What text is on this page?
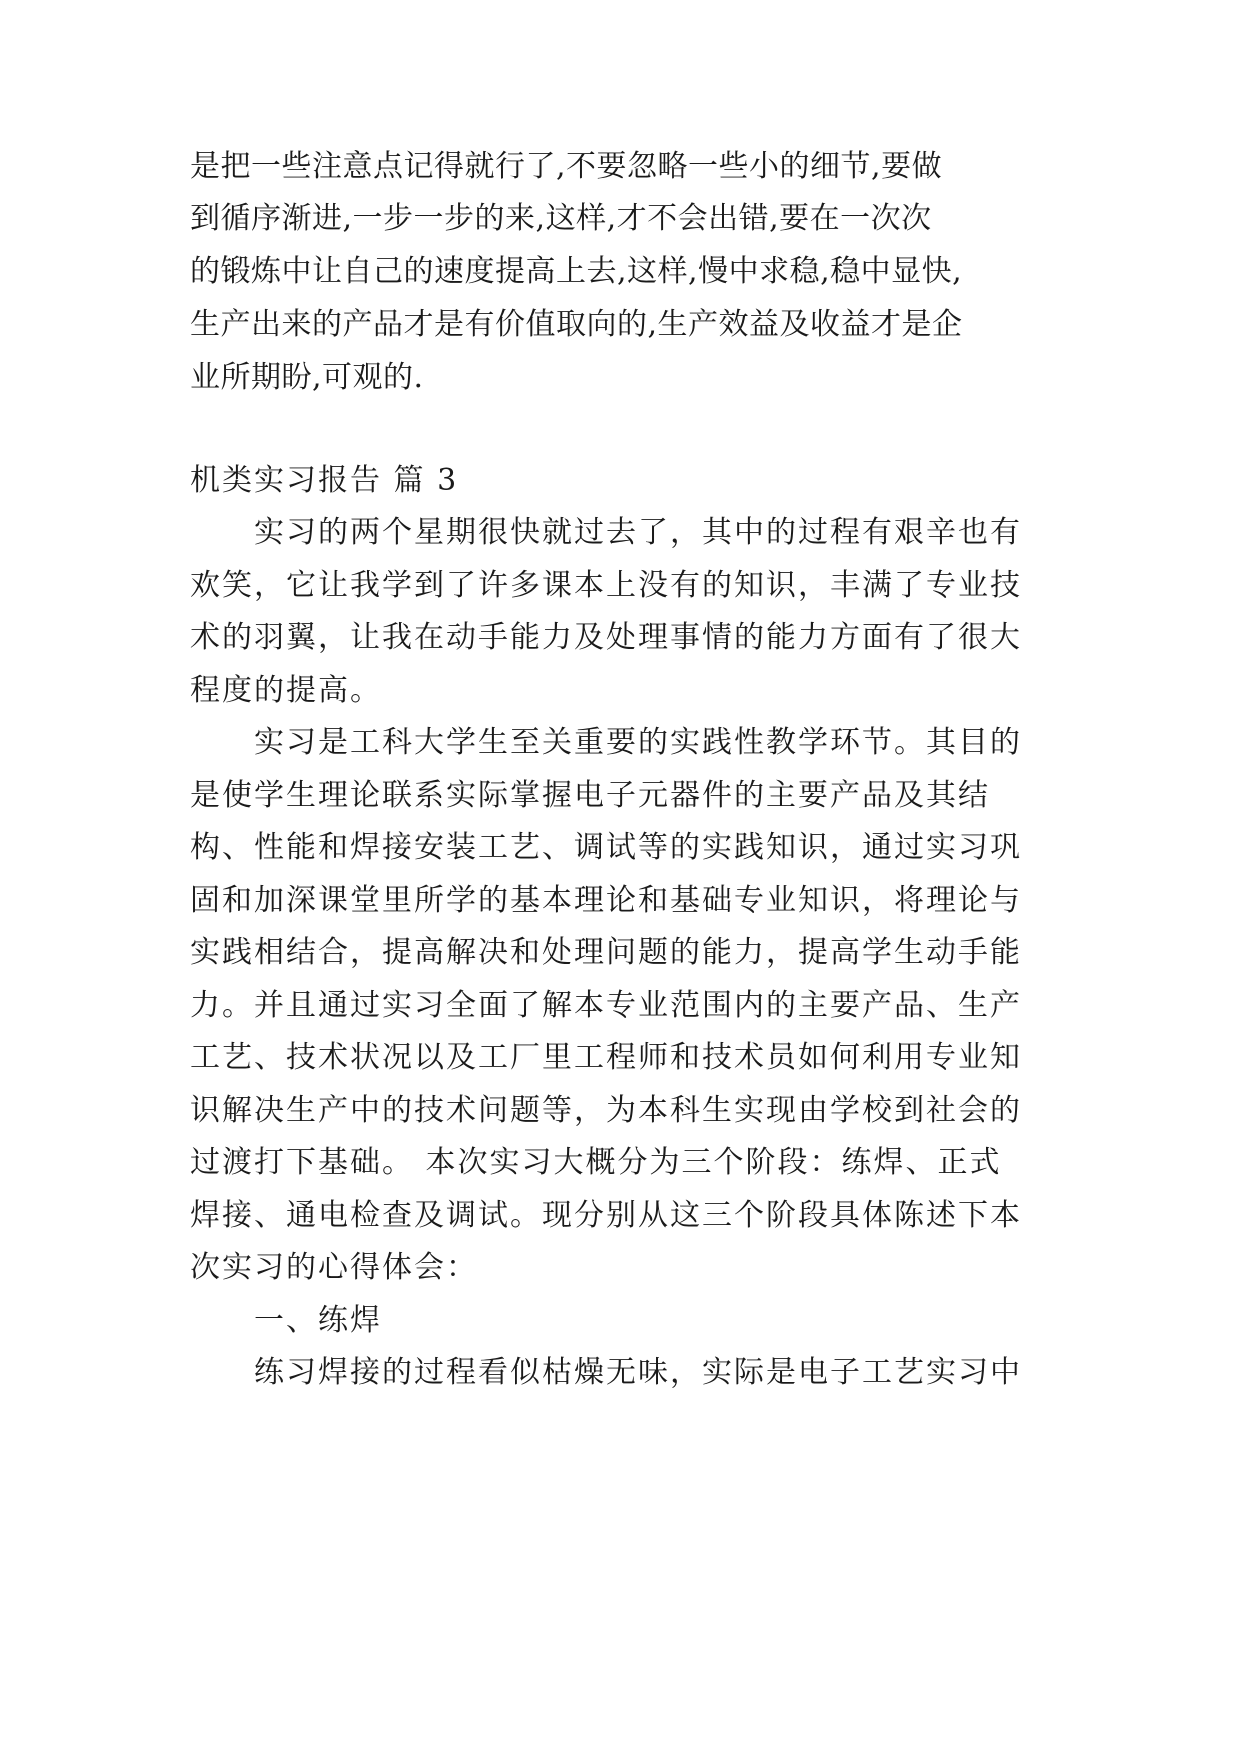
是把一些注意点记得就行了,不要忽略一些小的细节,要做
到循序渐进,一步一步的来,这样,才不会出错,要在一次次
的锻炼中让自己的速度提高上去,这样,慢中求稳,稳中显快,
生产出来的产品才是有价值取向的,生产效益及收益才是企
业所期盼,可观的.
机类实习报告 篇 3
实习的两个星期很快就过去了，其中的过程有艰辛也有
欢笑，它让我学到了许多课本上没有的知识，丰满了专业技
术的羽翼，让我在动手能力及处理事情的能力方面有了很大
程度的提高。
实习是工科大学生至关重要的实践性教学环节。其目的
是使学生理论联系实际掌握电子元器件的主要产品及其结
构、性能和焊接安装工艺、调试等的实践知识，通过实习巩
固和加深课堂里所学的基本理论和基础专业知识，将理论与
实践相结合，提高解决和处理问题的能力，提高学生动手能
力。并且通过实习全面了解本专业范围内的主要产品、生产
工艺、技术状况以及工厂里工程师和技术员如何利用专业知
识解决生产中的技术问题等，为本科生实现由学校到社会的
过渡打下基础。 本次实习大概分为三个阶段：练焊、正式
焊接、通电检查及调试。现分别从这三个阶段具体陈述下本
次实习的心得体会：
一、练焊
练习焊接的过程看似枯燥无味，实际是电子工艺实习中
